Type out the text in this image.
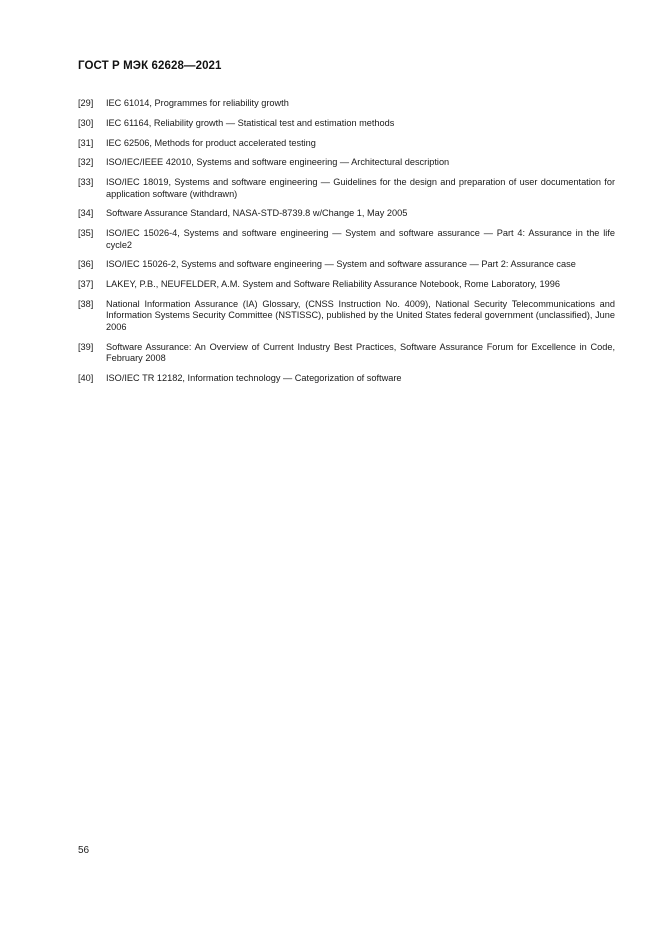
ГОСТ Р МЭК 62628—2021
[29]	IEC 61014, Programmes for reliability growth
[30]	IEC 61164, Reliability growth — Statistical test and estimation methods
[31]	IEC 62506, Methods for product accelerated testing
[32]	ISO/IEC/IEEE 42010, Systems and software engineering — Architectural description
[33]	ISO/IEC 18019, Systems and software engineering — Guidelines for the design and preparation of user documentation for application software (withdrawn)
[34]	Software Assurance Standard, NASA-STD-8739.8 w/Change 1, May 2005
[35]	ISO/IEC 15026-4, Systems and software engineering — System and software assurance — Part 4: Assurance in the life cycle2
[36]	ISO/IEC 15026-2, Systems and software engineering — System and software assurance — Part 2: Assurance case
[37]	LAKEY, P.B., NEUFELDER, A.M. System and Software Reliability Assurance Notebook, Rome Laboratory, 1996
[38]	National Information Assurance (IA) Glossary, (CNSS Instruction No. 4009), National Security Telecommunications and Information Systems Security Committee (NSTISSC), published by the United States federal government (unclassified), June 2006
[39]	Software Assurance: An Overview of Current Industry Best Practices, Software Assurance Forum for Excellence in Code, February 2008
[40]	ISO/IEC TR 12182, Information technology — Categorization of software
56
